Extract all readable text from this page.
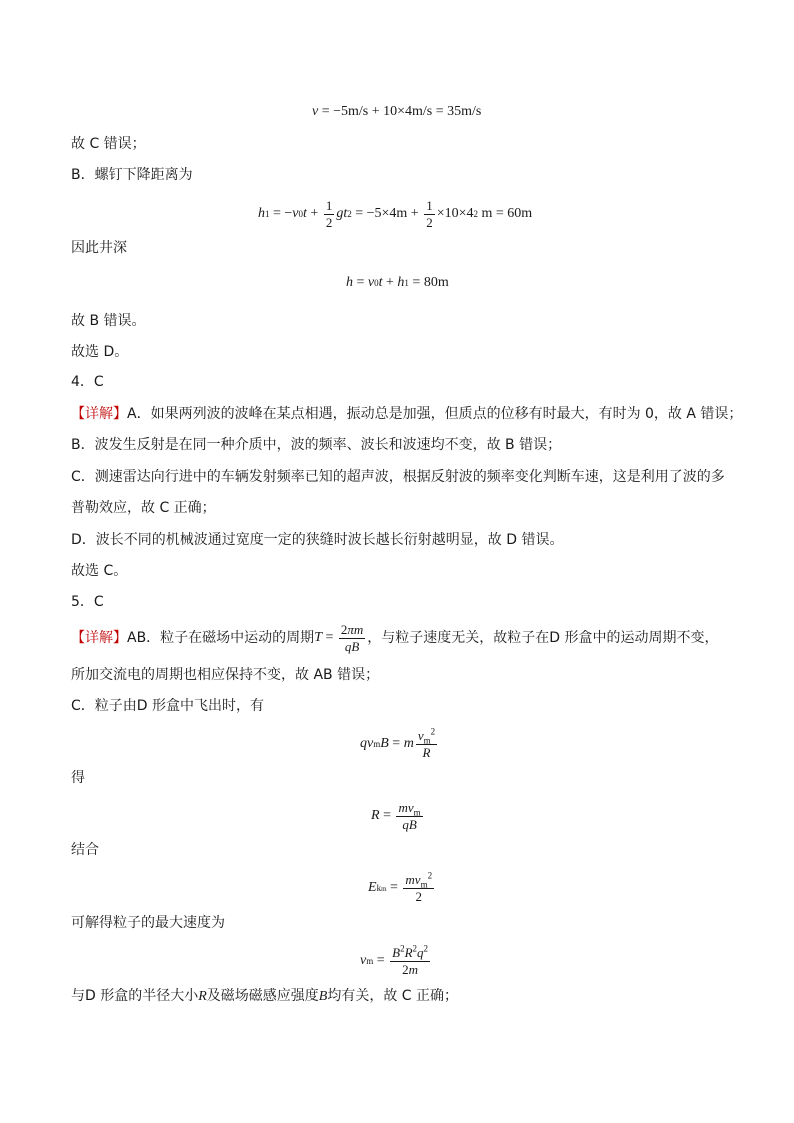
v = −5m/s + 10×4m/s = 35m/s
故 C 错误；
B．螺钉下降距离为
h 1 = − v 0 $t + \frac{1}{2}$ gt $2 = -5\times 4m + \frac{1}{2} \times 10\times 4$ 2 m = 60m
因此井深
h = v 0 t + h 1 = 80m
故 B 错误。
故选 D。
4．C
【详解】A．如果两列波的波峰在某点相遇，振动总是加强，但质点的位移有时最大，有时为 0，故 A 错误；
B．波发生反射是在同一种介质中，波的频率、波长和波速均不变，故 B 错误；
C．测速雷达向行进中的车辆发射频率已知的超声波，根据反射波的频率变化判断车速，这是利用了波的多
普勒效应，故 C 正确；
D．波长不同的机械波通过宽度一定的狭缝时波长越长衍射越明显，故 D 错误。
故选 C。
5．C
【详解】 AB．粒子在磁场中运动的周期 $T = \frac{2\pi m}{qB}$ ，与粒子速度无关，故粒子在D 形盒中的运动周期不变，
所加交流电的周期也相应保持不变，故 AB 错误；
C．粒子由D 形盒中飞出时，有
qv m B = m $\frac{v_m^2}{R}$
得
$R = \frac{mv_m}{qB}$
结合
E km = $\frac{mv_m^2}{2}$
可解得粒子的最大速度为
v $m = \frac{B^2R^2q^2}{2m}$
与D 形盒的半径大小R及磁场磁感应强度B均有关，故 C 正确；
